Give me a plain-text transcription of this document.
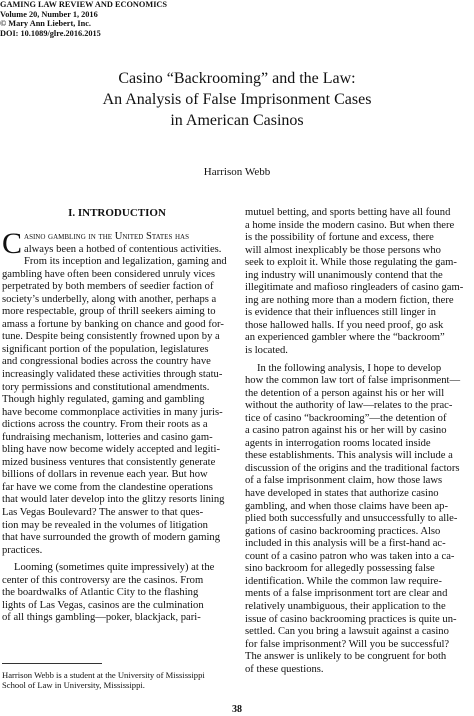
GAMING LAW REVIEW AND ECONOMICS
Volume 20, Number 1, 2016
© Mary Ann Liebert, Inc.
DOI: 10.1089/glre.2016.2015
Casino “Backrooming” and the Law:
An Analysis of False Imprisonment Cases
in American Casinos
Harrison Webb
I. INTRODUCTION
C asino gambling in the United States has
always been a hotbed of contentious activities.
From its inception and legalization, gaming and
gambling have often been considered unruly vices
perpetrated by both members of seedier faction of
society’s underbelly, along with another, perhaps a
more respectable, group of thrill seekers aiming to
amass a fortune by banking on chance and good for-
tune. Despite being consistently frowned upon by a
significant portion of the population, legislatures
and congressional bodies across the country have
increasingly validated these activities through statu-
tory permissions and constitutional amendments.
Though highly regulated, gaming and gambling
have become commonplace activities in many juris-
dictions across the country. From their roots as a
fundraising mechanism, lotteries and casino gam-
bling have now become widely accepted and legiti-
mized business ventures that consistently generate
billions of dollars in revenue each year. But how
far have we come from the clandestine operations
that would later develop into the glitzy resorts lining
Las Vegas Boulevard? The answer to that ques-
tion may be revealed in the volumes of litigation
that have surrounded the growth of modern gaming
practices.
Looming (sometimes quite impressively) at the
center of this controversy are the casinos. From
the boardwalks of Atlantic City to the flashing
lights of Las Vegas, casinos are the culmination
of all things gambling—poker, blackjack, pari-
mutuel betting, and sports betting have all found
a home inside the modern casino. But when there
is the possibility of fortune and excess, there
will almost inexplicably be those persons who
seek to exploit it. While those regulating the gam-
ing industry will unanimously contend that the
illegitimate and mafioso ringleaders of casino gam-
ing are nothing more than a modern fiction, there
is evidence that their influences still linger in
those hallowed halls. If you need proof, go ask
an experienced gambler where the “backroom”
is located.
In the following analysis, I hope to develop
how the common law tort of false imprisonment—
the detention of a person against his or her will
without the authority of law—relates to the prac-
tice of casino “backrooming”—the detention of
a casino patron against his or her will by casino
agents in interrogation rooms located inside
these establishments. This analysis will include a
discussion of the origins and the traditional factors
of a false imprisonment claim, how those laws
have developed in states that authorize casino
gambling, and when those claims have been ap-
plied both successfully and unsuccessfully to alle-
gations of casino backrooming practices. Also
included in this analysis will be a first-hand ac-
count of a casino patron who was taken into a ca-
sino backroom for allegedly possessing false
identification. While the common law require-
ments of a false imprisonment tort are clear and
relatively unambiguous, their application to the
issue of casino backrooming practices is quite un-
settled. Can you bring a lawsuit against a casino
for false imprisonment? Will you be successful?
The answer is unlikely to be congruent for both
of these questions.
Harrison Webb is a student at the University of Mississippi
School of Law in University, Mississippi.
38
